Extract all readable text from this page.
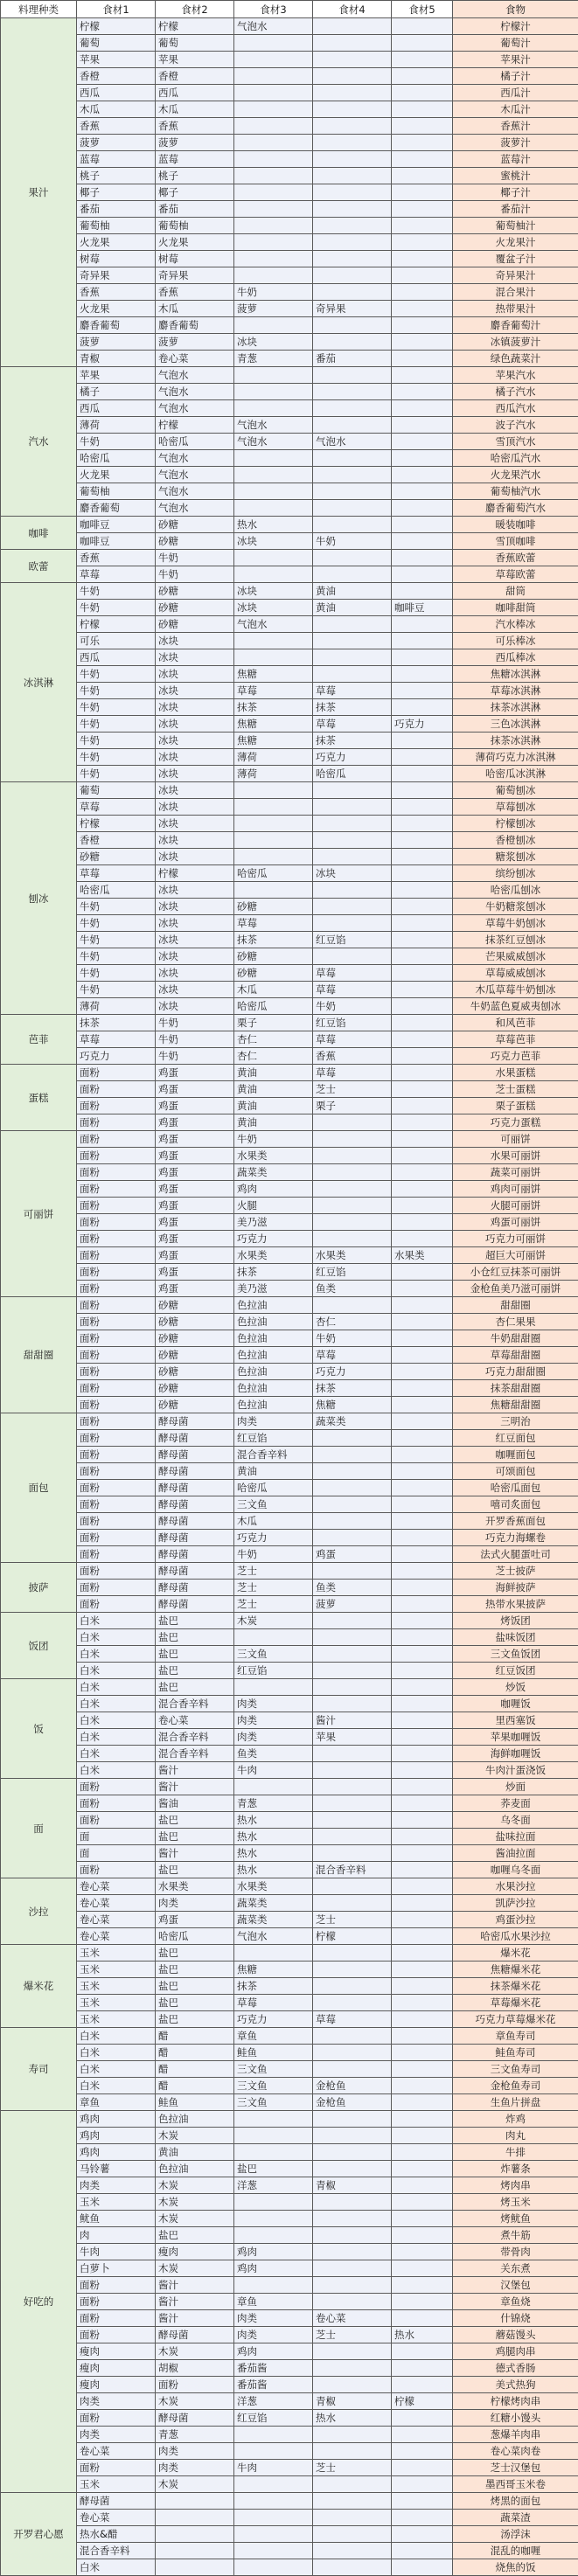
料理种类	食材1	食材2	食材3	食材4	食材5	食物
果汁	柠檬	柠檬	气泡水			柠檬汁
	葡萄	葡萄				葡萄汁
	苹果	苹果				苹果汁
	香橙	香橙				橘子汁
	西瓜	西瓜				西瓜汁
	木瓜	木瓜				木瓜汁
	香蕉	香蕉				香蕉汁
	菠萝	菠萝				菠萝汁
	蓝莓	蓝莓				蓝莓汁
	桃子	桃子				蜜桃汁
	椰子	椰子				椰子汁
	番茄	番茄				番茄汁
	葡萄柚	葡萄柚				葡萄柚汁
	火龙果	火龙果				火龙果汁
	树莓	树莓				覆盆子汁
	奇异果	奇异果				奇异果汁
	香蕉	香蕉	牛奶			混合果汁
	火龙果	木瓜	菠萝	奇异果		热带果汁
	麝香葡萄	麝香葡萄				麝香葡萄汁
	菠萝	菠萝	冰块			冰镇菠萝汁
	青椒	卷心菜	青葱	番茄		绿色蔬菜汁
汽水	苹果	气泡水				苹果汽水
	橘子	气泡水				橘子汽水
	西瓜	气泡水				西瓜汽水
	薄荷	柠檬	气泡水			波子汽水
	牛奶	哈密瓜	气泡水	气泡水		雪顶汽水
	哈密瓜	气泡水				哈密瓜汽水
	火龙果	气泡水				火龙果汽水
	葡萄柚	气泡水				葡萄柚汽水
	麝香葡萄	气泡水				麝香葡萄汽水
咖啡	咖啡豆	砂糖	热水			暖装咖啡
	咖啡豆	砂糖	冰块	牛奶		雪顶咖啡
欧蕾	香蕉	牛奶				香蕉欧蕾
	草莓	牛奶				草莓欧蕾
冰淇淋	牛奶	砂糖	冰块	黄油		甜筒
	牛奶	砂糖	冰块	黄油	咖啡豆	咖啡甜筒
	柠檬	砂糖	气泡水			汽水棒冰
	可乐	冰块				可乐棒冰
	西瓜	冰块				西瓜棒冰
	牛奶	冰块	焦糖			焦糖冰淇淋
	牛奶	冰块	草莓	草莓		草莓冰淇淋
	牛奶	冰块	抹茶	抹茶		抹茶冰淇淋
	牛奶	冰块	焦糖	草莓	巧克力	三色冰淇淋
	牛奶	冰块	焦糖	抹茶		抹茶冰淇淋
	牛奶	冰块	薄荷	巧克力		薄荷巧克力冰淇淋
	牛奶	冰块	薄荷	哈密瓜		哈密瓜冰淇淋
刨冰	葡萄	冰块				葡萄刨冰
	草莓	冰块				草莓刨冰
	柠檬	冰块				柠檬刨冰
	香橙	冰块				香橙刨冰
	砂糖	冰块				糖浆刨冰
	草莓	柠檬	哈密瓜	冰块		缤纷刨冰
	哈密瓜	冰块				哈密瓜刨冰
	牛奶	冰块	砂糖			牛奶糖浆刨冰
	牛奶	冰块	草莓			草莓牛奶刨冰
	牛奶	冰块	抹茶	红豆馅		抹茶红豆刨冰
	牛奶	冰块	砂糖			芒果威威刨冰
	牛奶	冰块	砂糖	草莓		草莓威威刨冰
	牛奶	冰块	木瓜	草莓		木瓜草莓牛奶刨冰
	薄荷	冰块	哈密瓜	牛奶		牛奶蓝色夏威夷刨冰
芭菲	抹茶	牛奶	栗子	红豆馅		和风芭菲
	草莓	牛奶	杏仁	草莓		草莓芭菲
	巧克力	牛奶	杏仁	香蕉		巧克力芭菲
蛋糕	面粉	鸡蛋	黄油	草莓		水果蛋糕
	面粉	鸡蛋	黄油	芝士		芝士蛋糕
	面粉	鸡蛋	黄油	栗子		栗子蛋糕
	面粉	鸡蛋	黄油			巧克力蛋糕
可丽饼	面粉	鸡蛋	牛奶			可丽饼
	面粉	鸡蛋	水果类			水果可丽饼
	面粉	鸡蛋	蔬菜类			蔬菜可丽饼
	面粉	鸡蛋	鸡肉			鸡肉可丽饼
	面粉	鸡蛋	火腿			火腿可丽饼
	面粉	鸡蛋	美乃滋			鸡蛋可丽饼
	面粉	鸡蛋	巧克力			巧克力可丽饼
	面粉	鸡蛋	水果类	水果类	水果类	超巨大可丽饼
	面粉	鸡蛋	抹茶	红豆馅		小仓红豆抹茶可丽饼
	面粉	鸡蛋	美乃滋	鱼类		金枪鱼美乃滋可丽饼
甜甜圈	面粉	砂糖	色拉油			甜甜圈
	面粉	砂糖	色拉油	杏仁		杏仁果果
	面粉	砂糖	色拉油	牛奶		牛奶甜甜圈
	面粉	砂糖	色拉油	草莓		草莓甜甜圈
	面粉	砂糖	色拉油	巧克力		巧克力甜甜圈
	面粉	砂糖	色拉油	抹茶		抹茶甜甜圈
	面粉	砂糖	色拉油	焦糖		焦糖甜甜圈
面包	面粉	酵母菌	肉类	蔬菜类		三明治
	面粉	酵母菌	红豆馅			红豆面包
	面粉	酵母菌	混合香辛料			咖喱面包
	面粉	酵母菌	黄油			可颂面包
	面粉	酵母菌	哈密瓜			哈密瓜面包
	面粉	酵母菌	三文鱼			嘻司炙面包
	面粉	酵母菌	木瓜			开罗香蕉面包
	面粉	酵母菌	巧克力			巧克力海螺卷
	面粉	酵母菌	牛奶	鸡蛋		法式火腿蛋吐司
披萨	面粉	酵母菌	芝士			芝士披萨
	面粉	酵母菌	芝士	鱼类		海鲜披萨
	面粉	酵母菌	芝士	菠萝		热带水果披萨
饭团	白米	盐巴	木炭			烤饭团
	白米	盐巴				盐味饭团
	白米	盐巴	三文鱼			三文鱼饭团
	白米	盐巴	红豆馅			红豆饭团
饭	白米	盐巴				炒饭
	白米	混合香辛料	肉类			咖喱饭
	白米	卷心菜	肉类	酱汁		里西塞饭
	白米	混合香辛料	肉类	苹果		苹果咖喱饭
	白米	混合香辛料	鱼类			海鲜咖喱饭
	白米	酱汁	牛肉			牛肉汁蛋浇饭
面	面粉	酱汁				炒面
	面粉	酱油	青葱			荞麦面
	面粉	盐巴	热水			乌冬面
	面	盐巴	热水			盐味拉面
	面	酱汁	热水			酱油拉面
	面粉	盐巴	热水	混合香辛料		咖喱乌冬面
沙拉	卷心菜	水果类	水果类			水果沙拉
	卷心菜	肉类	蔬菜类			凯萨沙拉
	卷心菜	鸡蛋	蔬菜类	芝士		鸡蛋沙拉
	卷心菜	哈密瓜	气泡水	柠檬		哈密瓜水果沙拉
爆米花	玉米	盐巴				爆米花
	玉米	盐巴	焦糖			焦糖爆米花
	玉米	盐巴	抹茶			抹茶爆米花
	玉米	盐巴	草莓			草莓爆米花
	玉米	盐巴	巧克力	草莓		巧克力草莓爆米花
寿司	白米	醋	章鱼			章鱼寿司
	白米	醋	鲑鱼			鲑鱼寿司
	白米	醋	三文鱼			三文鱼寿司
	白米	醋	三文鱼	金枪鱼		金枪鱼寿司
	章鱼	鲑鱼	三文鱼	金枪鱼		生鱼片拼盘
好吃的	鸡肉	色拉油				炸鸡
	鸡肉	木炭				肉丸
	鸡肉	黄油				牛排
	马铃薯	色拉油	盐巴			炸薯条
	肉类	木炭	洋葱	青椒		烤肉串
	玉米	木炭				烤玉米
	鱿鱼	木炭				烤鱿鱼
	肉	盐巴				煮牛筋
	牛肉	瘦肉	鸡肉			带骨肉
	白萝卜	木炭	鸡肉			关东煮
	面粉	酱汁				汉堡包
	面粉	酱汁	章鱼			章鱼烧
	面粉	酱汁	肉类	卷心菜		什锦烧
	面粉	酵母菌	肉类	芝士	热水	蘑菇馒头
	瘦肉	木炭	鸡肉			鸡腿肉串
	瘦肉	胡椒	番茄酱			德式香肠
	瘦肉	面粉	番茄酱			美式热狗
	肉类	木炭	洋葱	青椒	柠檬	柠檬烤肉串
	面粉	酵母菌	红豆馅	热水		红糖小馒头
	肉类	青葱				葱爆羊肉串
	卷心菜	肉类				卷心菜肉卷
	面粉	肉类	牛肉	芝士		芝士汉堡包
	玉米	木炭				墨西哥玉米卷
开罗君心愿	酵母菌					烤黑的面包
	卷心菜					蔬菜渣
	热水&醋					汤浮沫
	混合香辛料					混乱的咖喱
	白米					烧焦的饭
